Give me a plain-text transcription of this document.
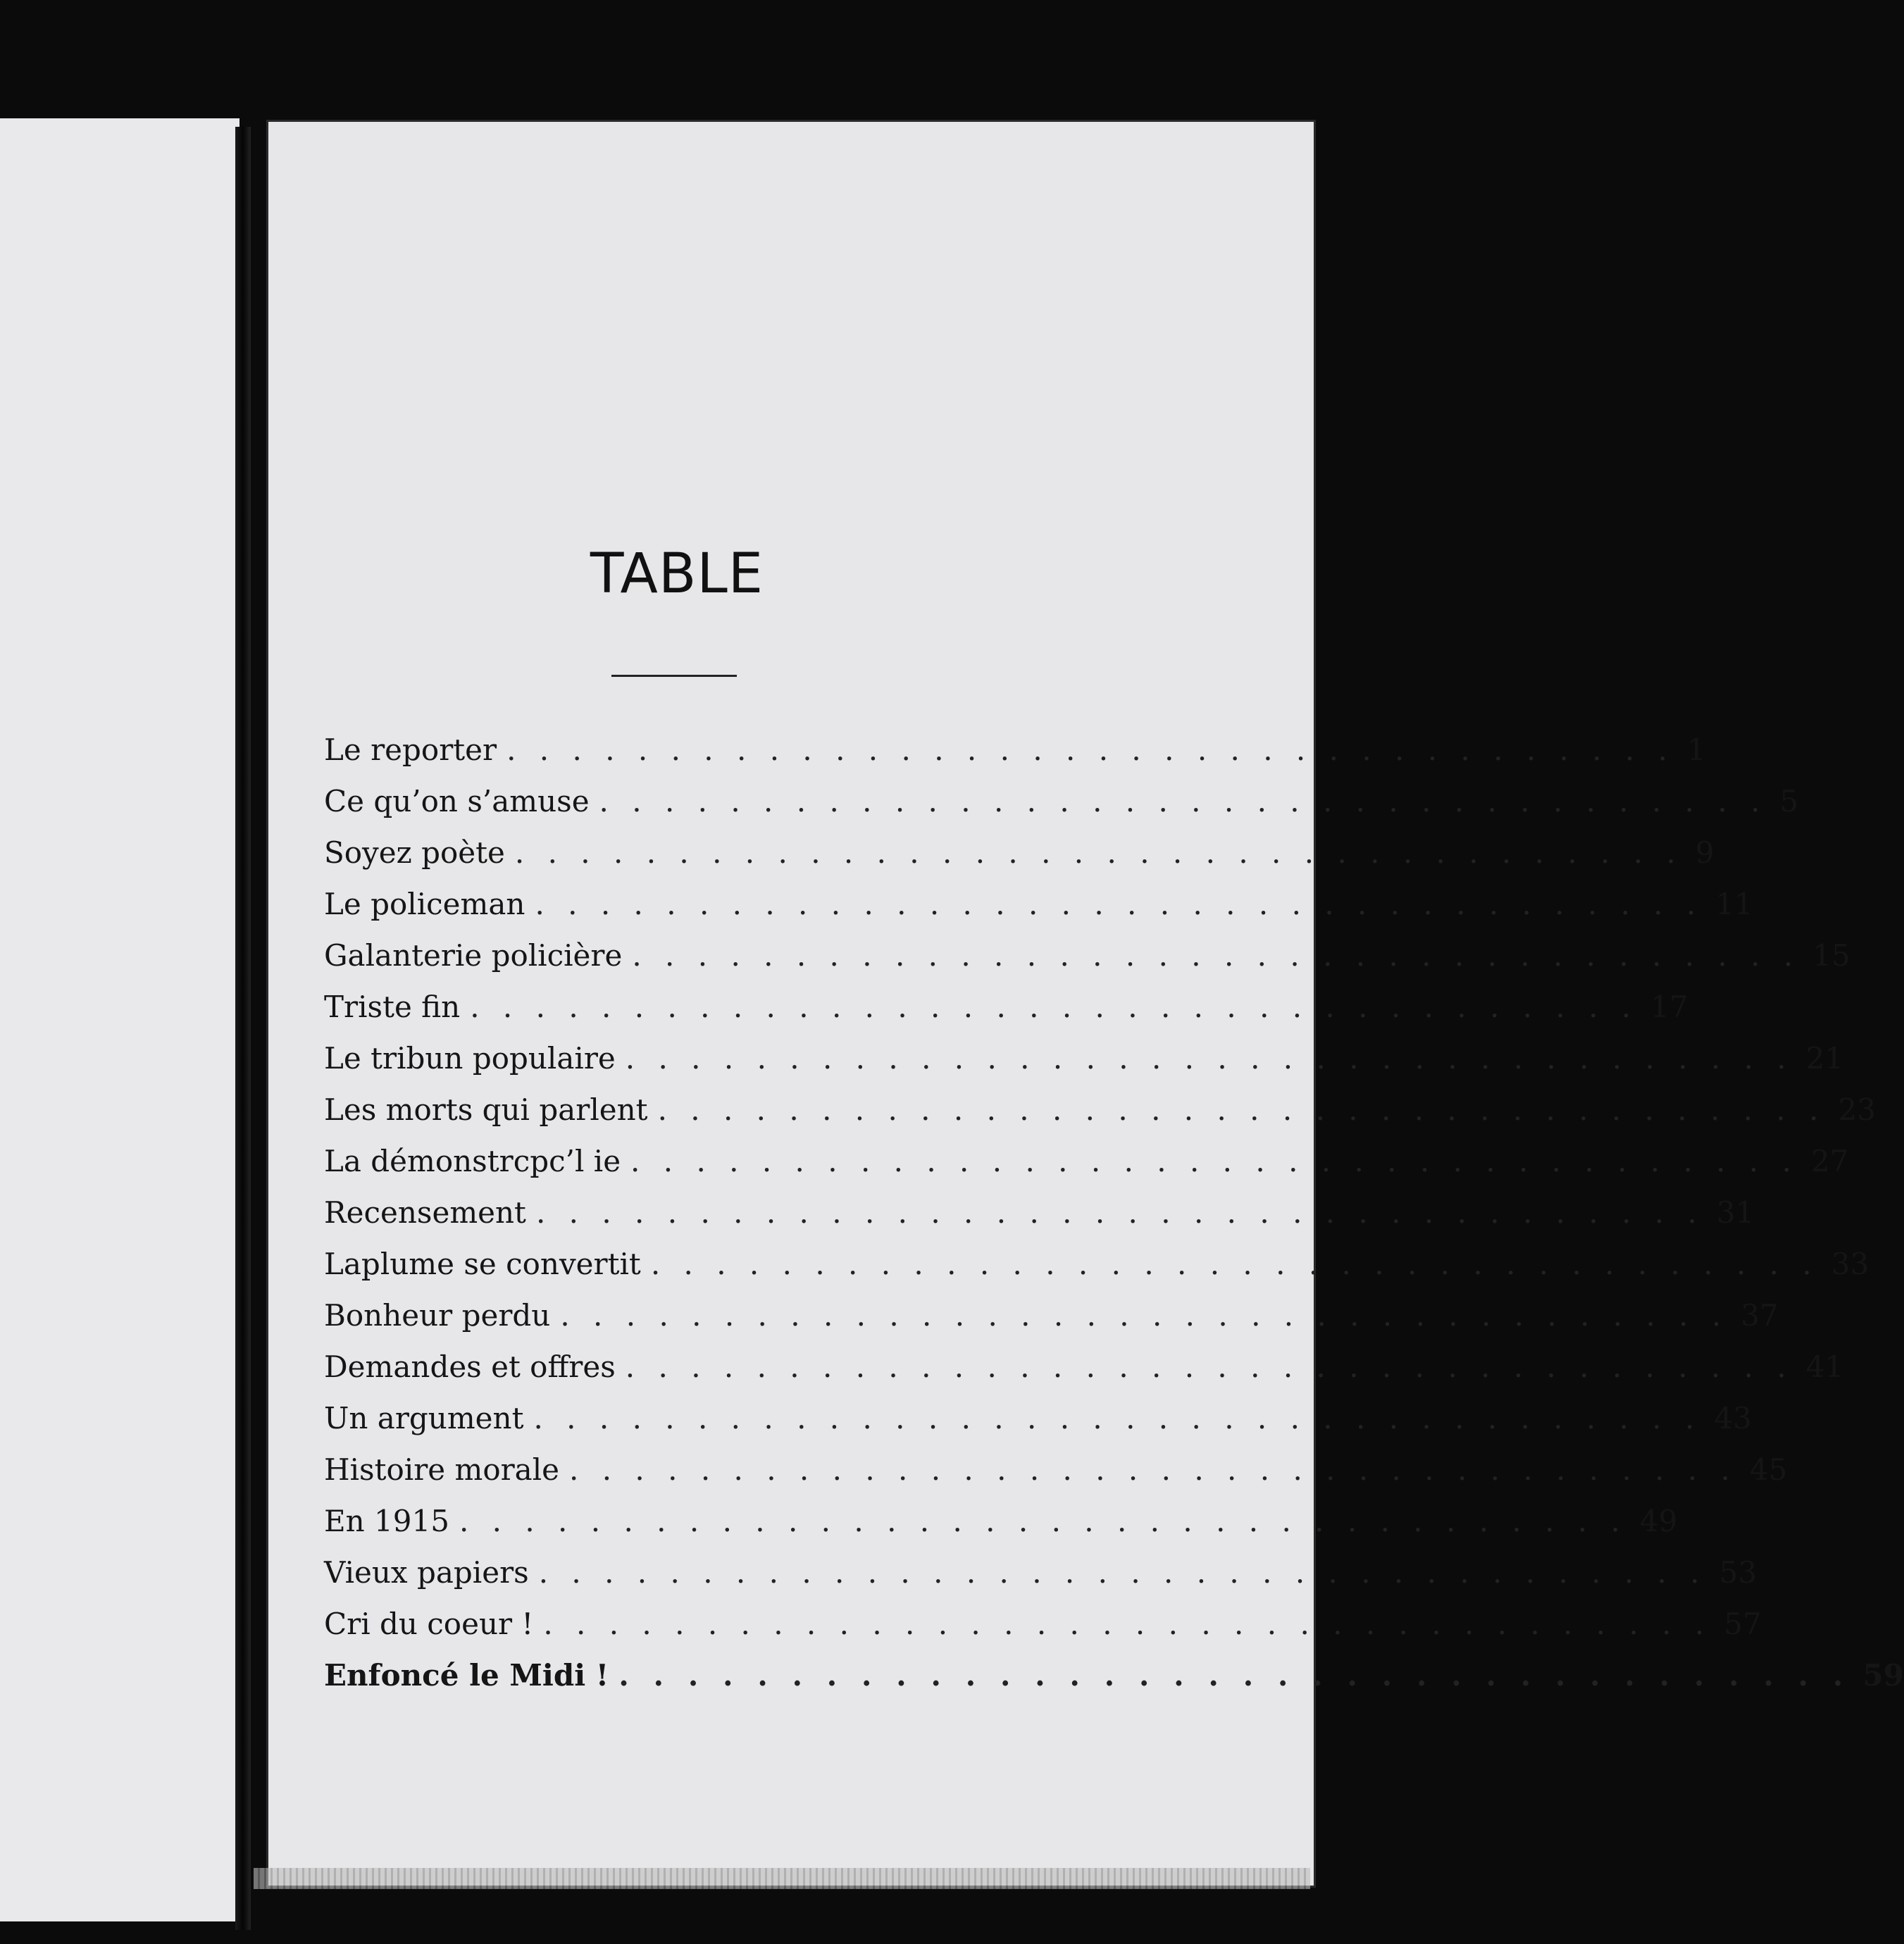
TABLE
Le reporter . . . . . . . . . . . . . . . . . . . . . . . . . . . . . . . . . . . . 1
Ce qu’on s’amuse . . . . . . . . . . . . . . . . . . . . . . . . . . . . . . . . . . . . 5
Soyez poète . . . . . . . . . . . . . . . . . . . . . . . . . . . . . . . . . . . . 9
Le policeman . . . . . . . . . . . . . . . . . . . . . . . . . . . . . . . . . . . . 11
Galanterie policière . . . . . . . . . . . . . . . . . . . . . . . . . . . . . . . . . . . . 15
Triste fin . . . . . . . . . . . . . . . . . . . . . . . . . . . . . . . . . . . . 17
Le tribun populaire . . . . . . . . . . . . . . . . . . . . . . . . . . . . . . . . . . . . 21
Les morts qui parlent . . . . . . . . . . . . . . . . . . . . . . . . . . . . . . . . . . . . 23
La démonstrcpc’l ie . . . . . . . . . . . . . . . . . . . . . . . . . . . . . . . . . . . . 27
Recensement . . . . . . . . . . . . . . . . . . . . . . . . . . . . . . . . . . . . 31
Laplume se convertit . . . . . . . . . . . . . . . . . . . . . . . . . . . . . . . . . . . . 33
Bonheur perdu . . . . . . . . . . . . . . . . . . . . . . . . . . . . . . . . . . . . 37
Demandes et offres . . . . . . . . . . . . . . . . . . . . . . . . . . . . . . . . . . . . 41
Un argument . . . . . . . . . . . . . . . . . . . . . . . . . . . . . . . . . . . . 43
Histoire morale . . . . . . . . . . . . . . . . . . . . . . . . . . . . . . . . . . . . 45
En 1915 . . . . . . . . . . . . . . . . . . . . . . . . . . . . . . . . . . . . 49
Vieux papiers . . . . . . . . . . . . . . . . . . . . . . . . . . . . . . . . . . . . 53
Cri du coeur ! . . . . . . . . . . . . . . . . . . . . . . . . . . . . . . . . . . . . 57
Enfoncé le Midi ! . . . . . . . . . . . . . . . . . . . . . . . . . . . . . . . . . . . . 59
